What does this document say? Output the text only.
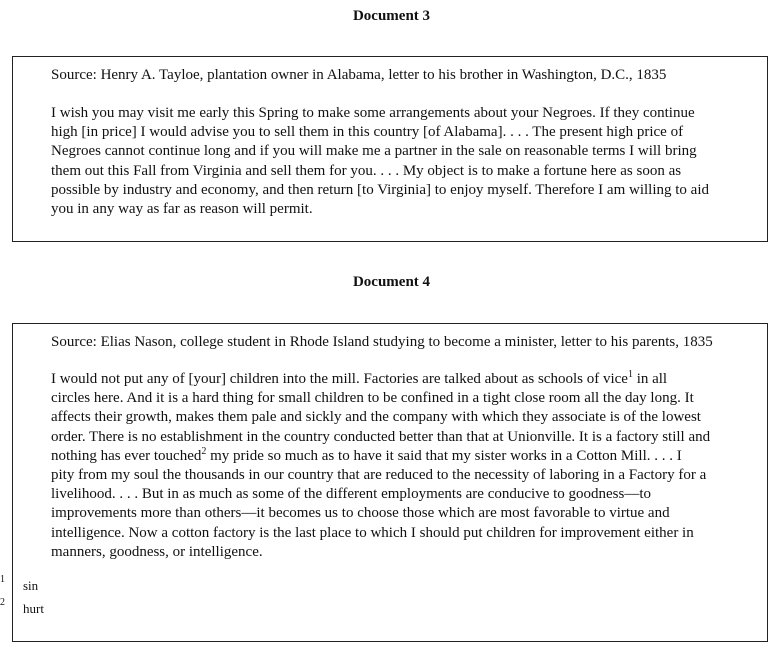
Document 3

Source: Henry A. Tayloe, plantation owner in Alabama, letter to his brother in Washington, D.C., 1835

I wish you may visit me early this Spring to make some arrangements about your Negroes. If they continue
high [in price] I would advise you to sell them in this country [of Alabama]. . . . The present high price of
Negroes cannot continue long and if you will make me a partner in the sale on reasonable terms I will bring
them out this Fall from Virginia and sell them for you. . . . My object is to make a fortune here as soon as
possible by industry and economy, and then return [to Virginia] to enjoy myself. Therefore I am willing to aid
you in any way as far as reason will permit.

Document 4

Source: Elias Nason, college student in Rhode Island studying to become a minister, letter to his parents, 1835

I would not put any of [your] children into the mill. Factories are talked about as schools of vice$^1$ in all
circles here. And it is a hard thing for small children to be confined in a tight close room all the day long. It
affects their growth, makes them pale and sickly and the company with which they associate is of the lowest
order. There is no establishment in the country conducted better than that at Unionville. It is a factory still and
nothing has ever touched$^2$ my pride so much as to have it said that my sister works in a Cotton Mill. . . . I
pity from my soul the thousands in our country that are reduced to the necessity of laboring in a Factory for a
livelihood. . . . But in as much as some of the different employments are conducive to goodness—to
improvements more than others—it becomes us to choose those which are most favorable to virtue and
intelligence. Now a cotton factory is the last place to which I should put children for improvement either in
manners, goodness, or intelligence.

1 sin
2 hurt
